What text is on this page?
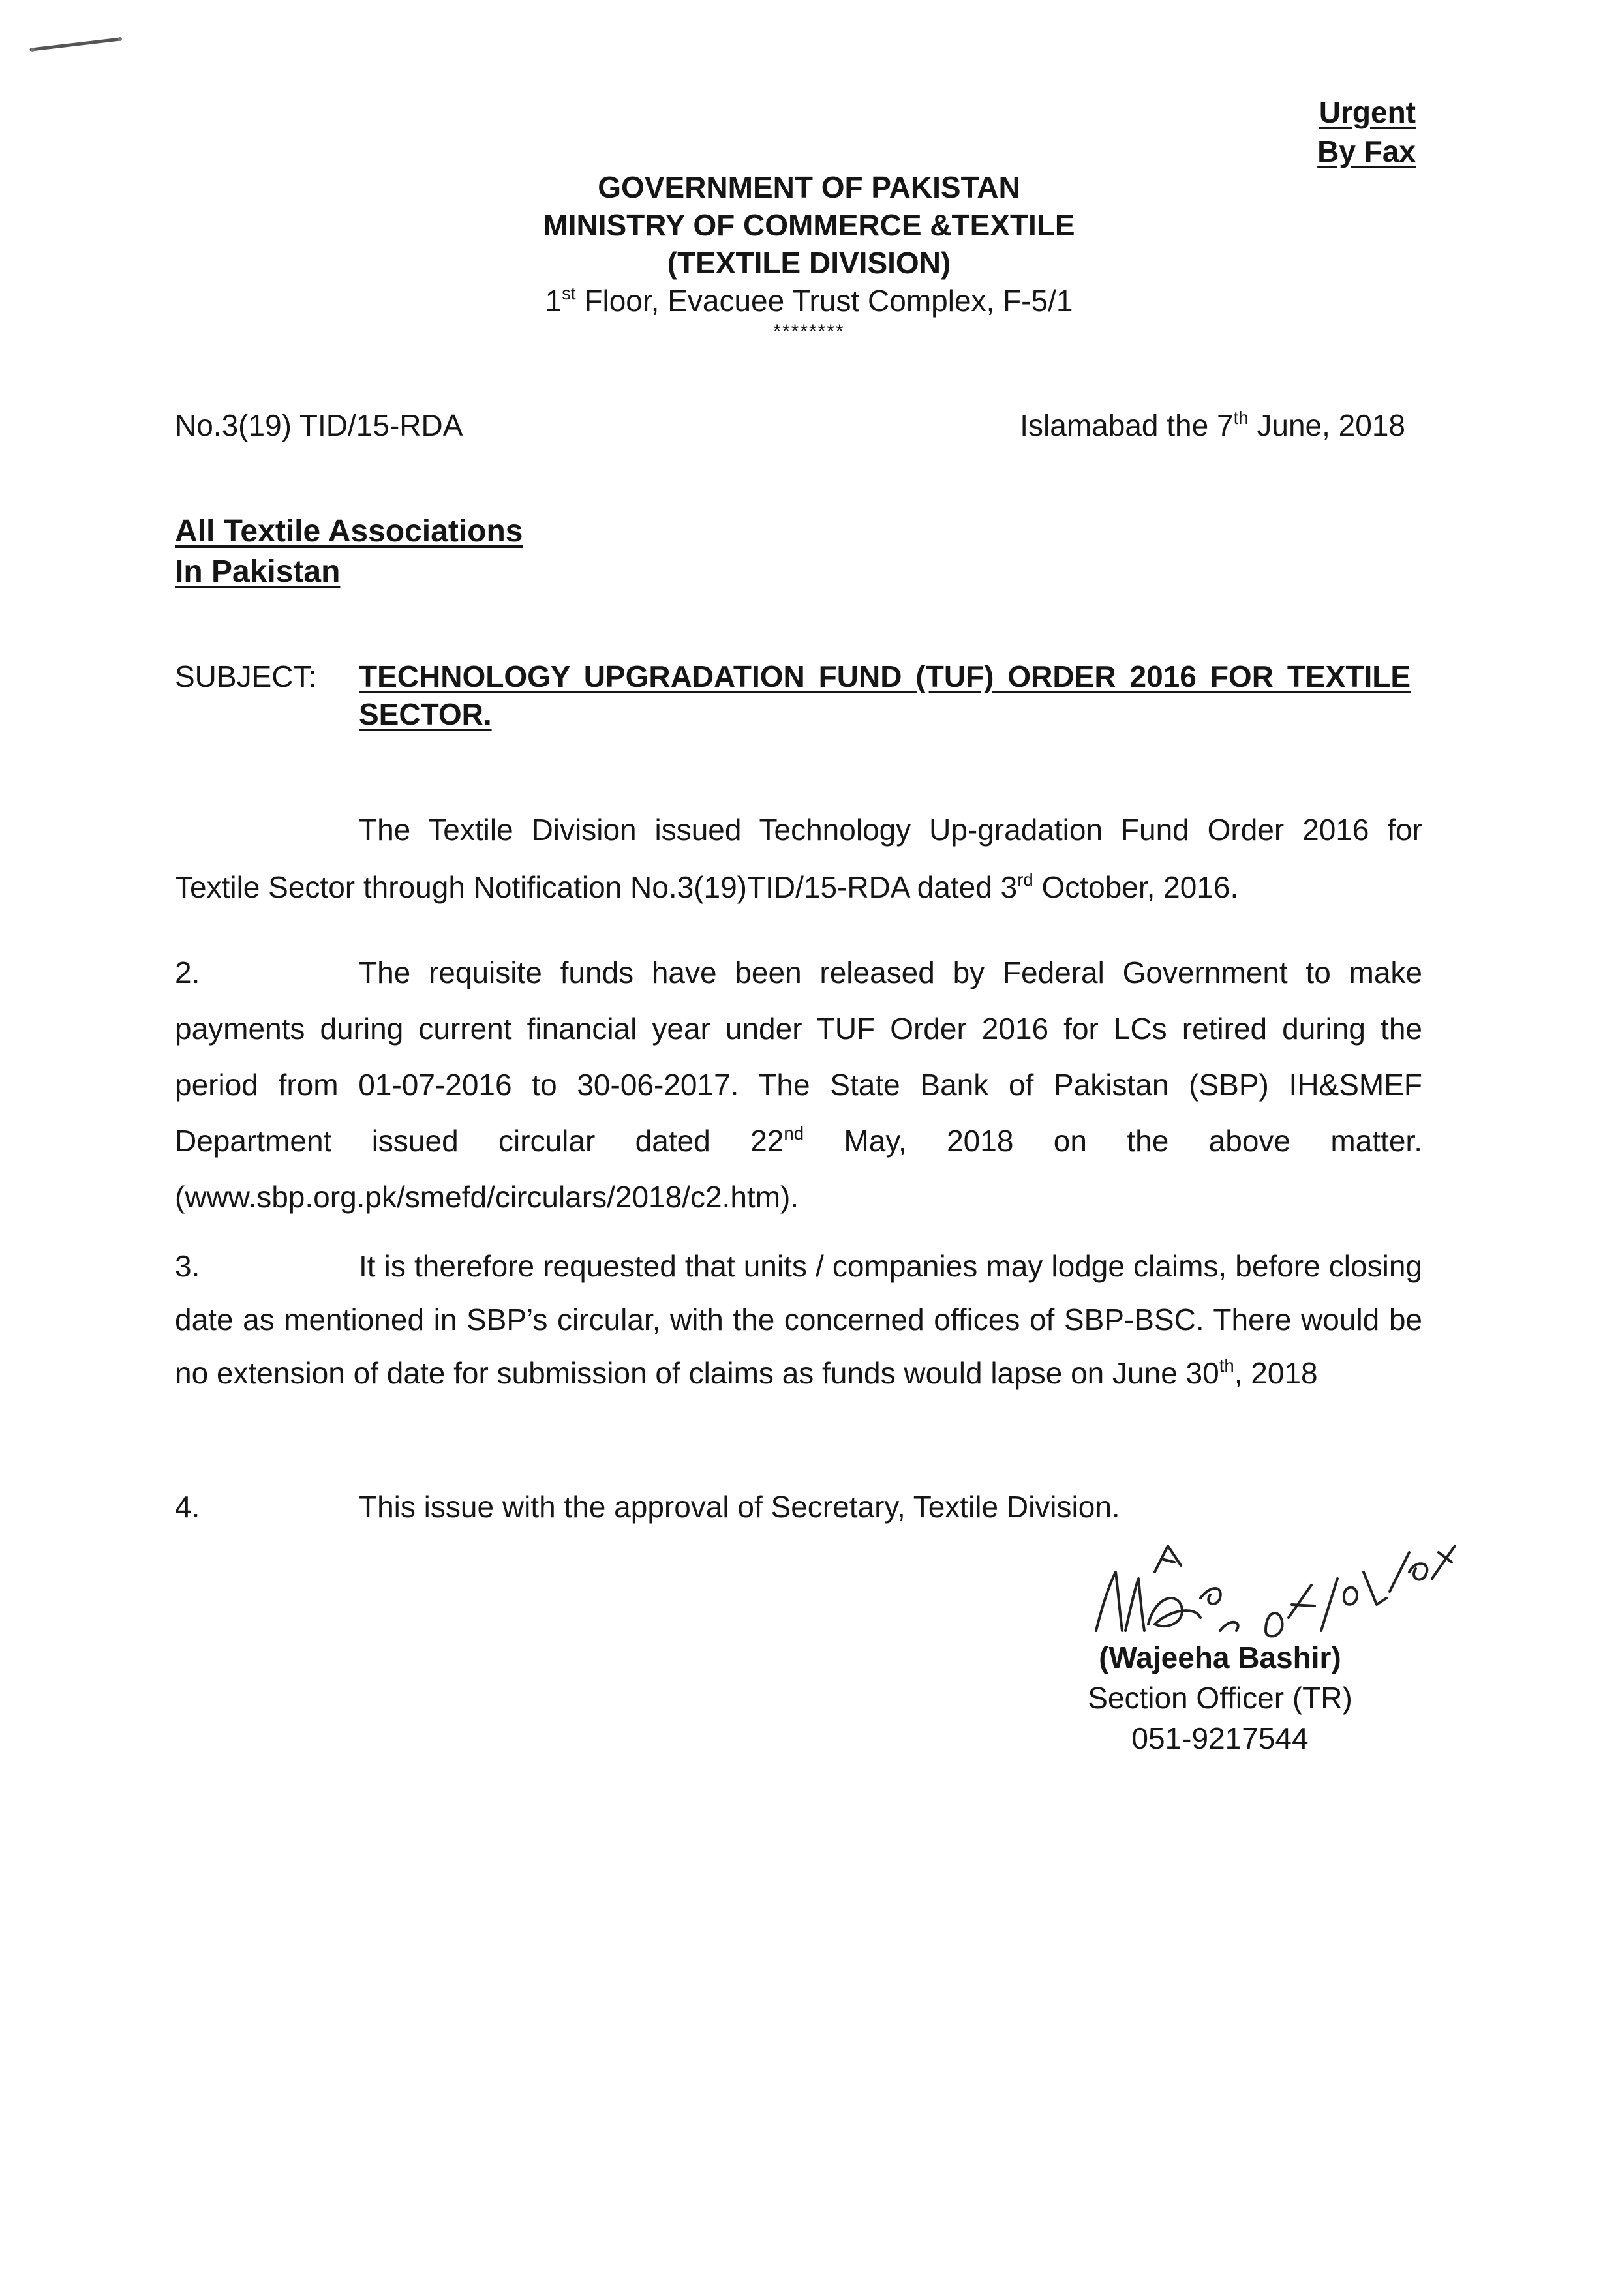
Urgent
By Fax
GOVERNMENT OF PAKISTAN
MINISTRY OF COMMERCE &TEXTILE
(TEXTILE DIVISION)
1st Floor, Evacuee Trust Complex, F-5/1
********
No.3(19) TID/15-RDA	Islamabad the 7th June, 2018
All Textile Associations
In Pakistan
SUBJECT: TECHNOLOGY UPGRADATION FUND (TUF) ORDER 2016 FOR TEXTILE SECTOR.
The Textile Division issued Technology Up-gradation Fund Order 2016 for Textile Sector through Notification No.3(19)TID/15-RDA dated 3rd October, 2016.
2.	The requisite funds have been released by Federal Government to make payments during current financial year under TUF Order 2016 for LCs retired during the period from 01-07-2016 to 30-06-2017. The State Bank of Pakistan (SBP) IH&SMEF Department issued circular dated 22nd May, 2018 on the above matter. (www.sbp.org.pk/smefd/circulars/2018/c2.htm).
3.	It is therefore requested that units / companies may lodge claims, before closing date as mentioned in SBP’s circular, with the concerned offices of SBP-BSC. There would be no extension of date for submission of claims as funds would lapse on June 30th, 2018
4.	This issue with the approval of Secretary, Textile Division.
(Wajeeha Bashir)
Section Officer (TR)
051-9217544
